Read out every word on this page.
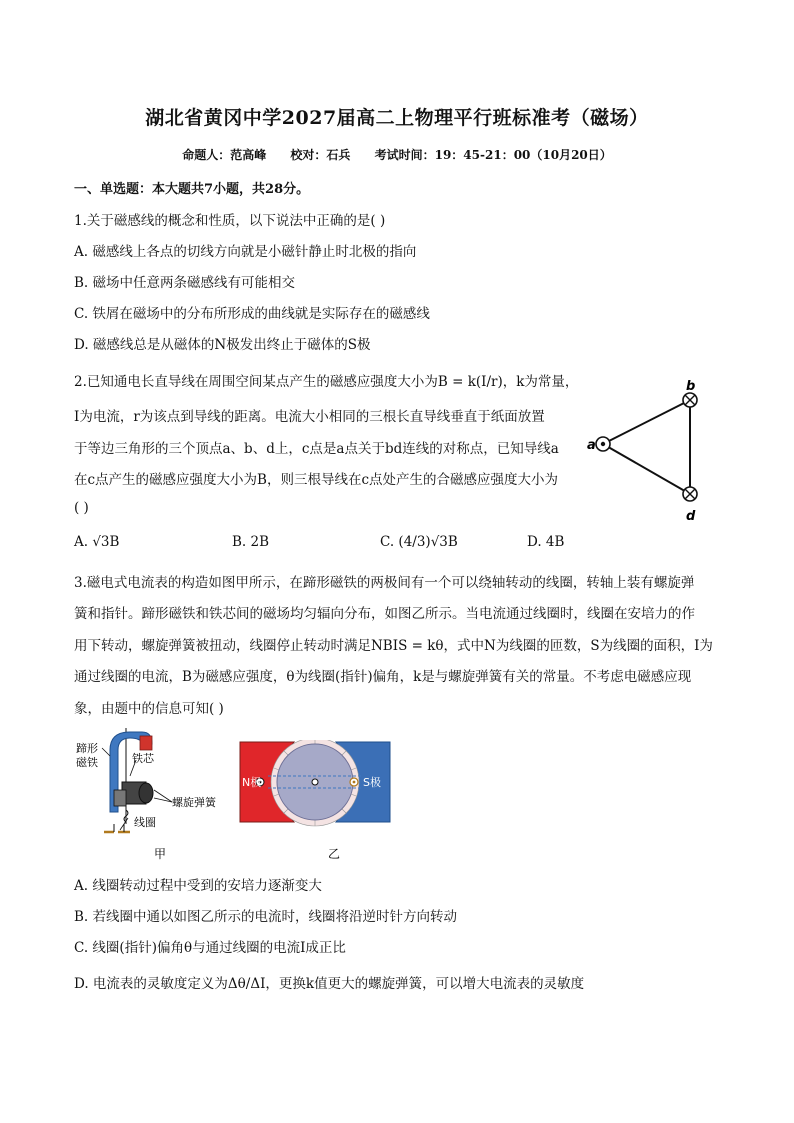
湖北省黄冈中学2027届高二上物理平行班标准考（磁场）
命题人：范高峰 校对：石兵 考试时间：19：45-21：00（10月20日）
一、单选题：本大题共7小题，共28分。
1.关于磁感线的概念和性质，以下说法中正确的是( )
A. 磁感线上各点的切线方向就是小磁针静止时北极的指向
B. 磁场中任意两条磁感线有可能相交
C. 铁屑在磁场中的分布所形成的曲线就是实际存在的磁感线
D. 磁感线总是从磁体的N极发出终止于磁体的S极
2.已知通电长直导线在周围空间某点产生的磁感应强度大小为B = k(I/r)，k为常量，
I为电流，r为该点到导线的距离。电流大小相同的三根长直导线垂直于纸面放置
于等边三角形的三个顶点a、b、d上，c点是a点关于bd连线的对称点，已知导线a
在c点产生的磁感应强度大小为B，则三根导线在c点处产生的合磁感应强度大小为
( )
A. √3B	B. 2B	C. (4/3)√3B	D. 4B
b
a
d
3.磁电式电流表的构造如图甲所示，在蹄形磁铁的两极间有一个可以绕轴转动的线圈，转轴上装有螺旋弹
簧和指针。蹄形磁铁和铁芯间的磁场均匀辐向分布，如图乙所示。当电流通过线圈时，线圈在安培力的作
用下转动，螺旋弹簧被扭动，线圈停止转动时满足NBIS = kθ，式中N为线圈的匝数，S为线圈的面积，I为
通过线圈的电流，B为磁感应强度，θ为线圈(指针)偏角，k是与螺旋弹簧有关的常量。不考虑电磁感应现
象，由题中的信息可知( )
蹄形
磁铁	铁芯
螺旋弹簧
线圈
甲
N极	S极
乙
A. 线圈转动过程中受到的安培力逐渐变大
B. 若线圈中通以如图乙所示的电流时，线圈将沿逆时针方向转动
C. 线圈(指针)偏角θ与通过线圈的电流I成正比
D. 电流表的灵敏度定义为Δθ/ΔI，更换k值更大的螺旋弹簧，可以增大电流表的灵敏度
